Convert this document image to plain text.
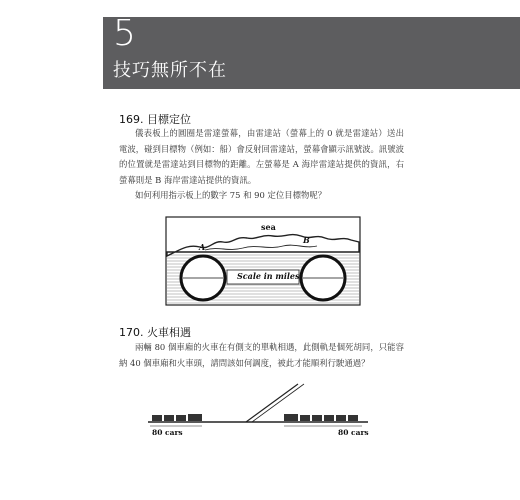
5
技巧無所不在
169. 目標定位
儀表板上的圓圈是雷達螢幕，由雷達站（螢幕上的 0 就是雷達站）送出電波，碰到目標物（例如：船）會反射回雷達站，螢幕會顯示訊號波。訊號波的位置就是雷達站到目標物的距離。左螢幕是 A 海岸雷達站提供的資訊，右螢幕則是 B 海岸雷達站提供的資訊。
如何利用指示板上的數字 75 和 90 定位目標物呢？
sea
A
B
Scale in miles
170. 火車相遇
兩輛 80 個車廂的火車在有側支的單軌相遇，此側軌是個死胡同，只能容納 40 個車廂和火車頭，請問該如何調度，被此才能順利行駛通過？
80 cars	80 cars
